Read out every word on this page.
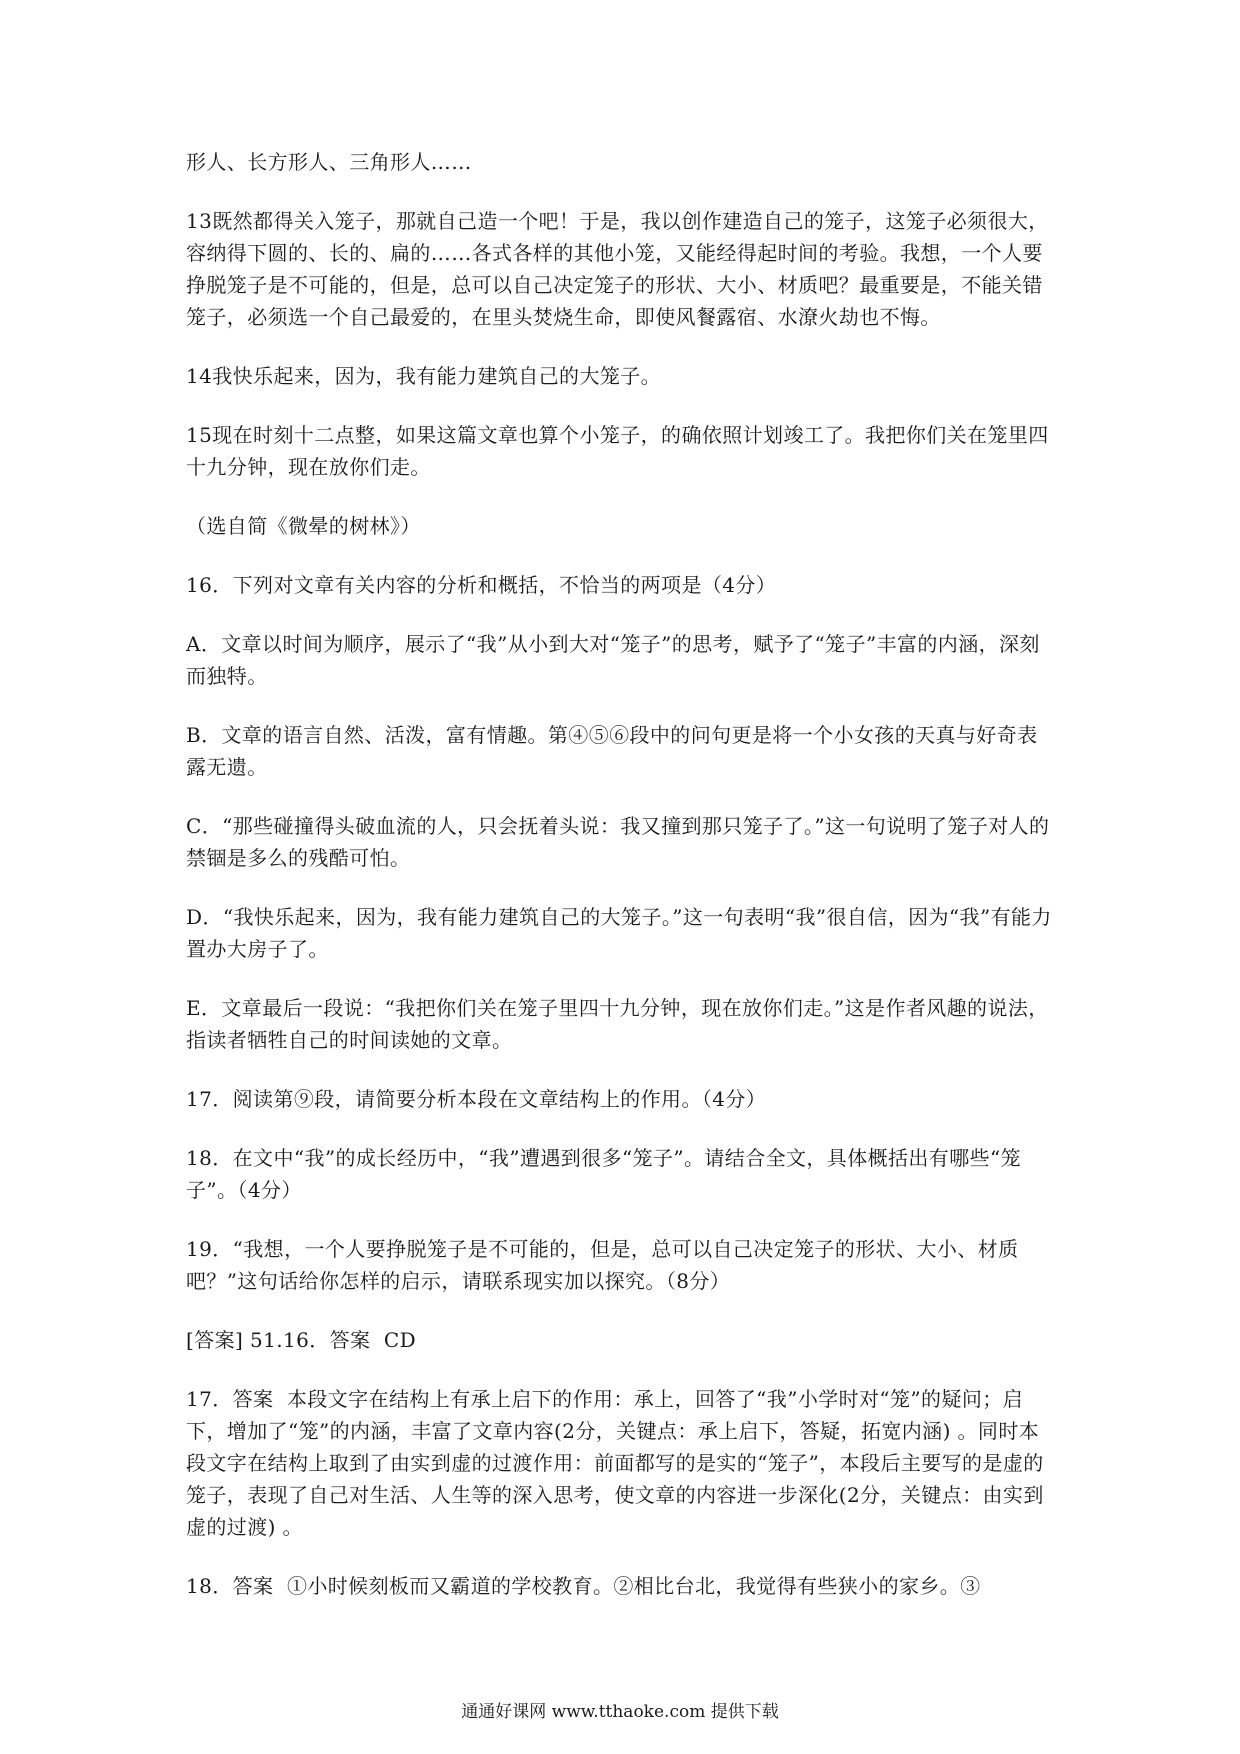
形人、长方形人、三角形人……

13既然都得关入笼子，那就自己造一个吧！于是，我以创作建造自己的笼子，这笼子必须很大，容纳得下圆的、长的、扁的……各式各样的其他小笼，又能经得起时间的考验。我想，一个人要挣脱笼子是不可能的，但是，总可以自己决定笼子的形状、大小、材质吧？最重要是，不能关错笼子，必须选一个自己最爱的，在里头焚烧生命，即使风餐露宿、水潦火劫也不悔。

14我快乐起来，因为，我有能力建筑自己的大笼子。

15现在时刻十二点整，如果这篇文章也算个小笼子，的确依照计划竣工了。我把你们关在笼里四十九分钟，现在放你们走。

（选自简《微晕的树林》）

16．下列对文章有关内容的分析和概括，不恰当的两项是（4分）

A．文章以时间为顺序，展示了“我”从小到大对“笼子”的思考，赋予了“笼子”丰富的内涵，深刻而独特。

B．文章的语言自然、活泼，富有情趣。第④⑤⑥段中的问句更是将一个小女孩的天真与好奇表露无遗。

C．“那些碰撞得头破血流的人，只会抚着头说：我又撞到那只笼子了。”这一句说明了笼子对人的禁锢是多么的残酷可怕。

D．“我快乐起来，因为，我有能力建筑自己的大笼子。”这一句表明“我”很自信，因为“我”有能力置办大房子了。

E．文章最后一段说：“我把你们关在笼子里四十九分钟，现在放你们走。”这是作者风趣的说法，指读者牺牲自己的时间读她的文章。

17．阅读第⑨段，请简要分析本段在文章结构上的作用。（4分）

18．在文中“我”的成长经历中，“我”遭遇到很多“笼子”。请结合全文，具体概括出有哪些“笼子”。（4分）

19．“我想，一个人要挣脱笼子是不可能的，但是，总可以自己决定笼子的形状、大小、材质吧？”这句话给你怎样的启示，请联系现实加以探究。（8分）

[答案] 51.16．答案  CD

17．答案  本段文字在结构上有承上启下的作用：承上，回答了“我”小学时对“笼”的疑问；启下，增加了“笼”的内涵，丰富了文章内容(2分，关键点：承上启下，答疑，拓宽内涵) 。同时本段文字在结构上取到了由实到虚的过渡作用：前面都写的是实的“笼子”，本段后主要写的是虚的笼子，表现了自己对生活、人生等的深入思考，使文章的内容进一步深化(2分，关键点：由实到虚的过渡) 。

18．答案  ①小时候刻板而又霸道的学校教育。②相比台北，我觉得有些狭小的家乡。③

通通好课网 www.tthaoke.com 提供下载
